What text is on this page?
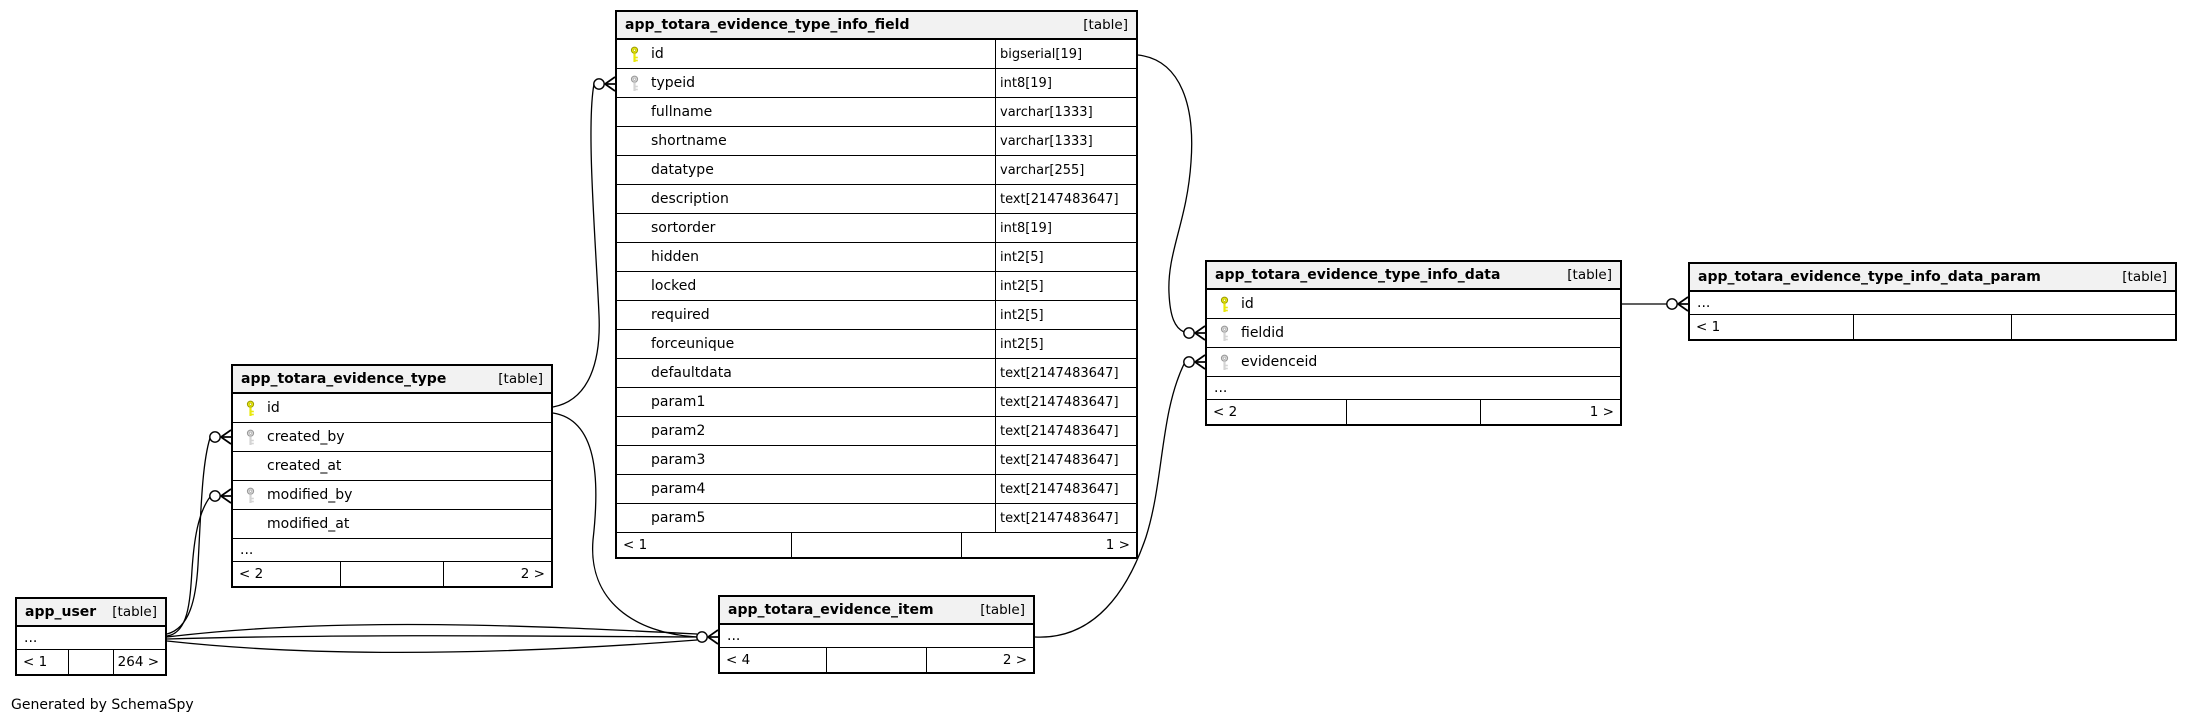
app_totara_evidence_type_info_field	[table]
id	bigserial[19]
typeid	int8[19]
fullname	varchar[1333]
shortname	varchar[1333]
datatype	varchar[255]
description	text[2147483647]
sortorder	int8[19]
hidden	int2[5]
locked	int2[5]
required	int2[5]
forceunique	int2[5]
defaultdata	text[2147483647]
param1	text[2147483647]
param2	text[2147483647]
param3	text[2147483647]
param4	text[2147483647]
param5	text[2147483647]
< 1	1 >
app_totara_evidence_type	[table]
id
created_by
created_at
modified_by
modified_at
...
< 2	2 >
app_user [table]
...
< 1	264 >
app_totara_evidence_item	[table]
...
< 4	2 >
app_totara_evidence_type_info_data	[table]
id
fieldid
evidenceid
...
< 2	1 >
app_totara_evidence_type_info_data_param	[table]
...
< 1
Generated by SchemaSpy
